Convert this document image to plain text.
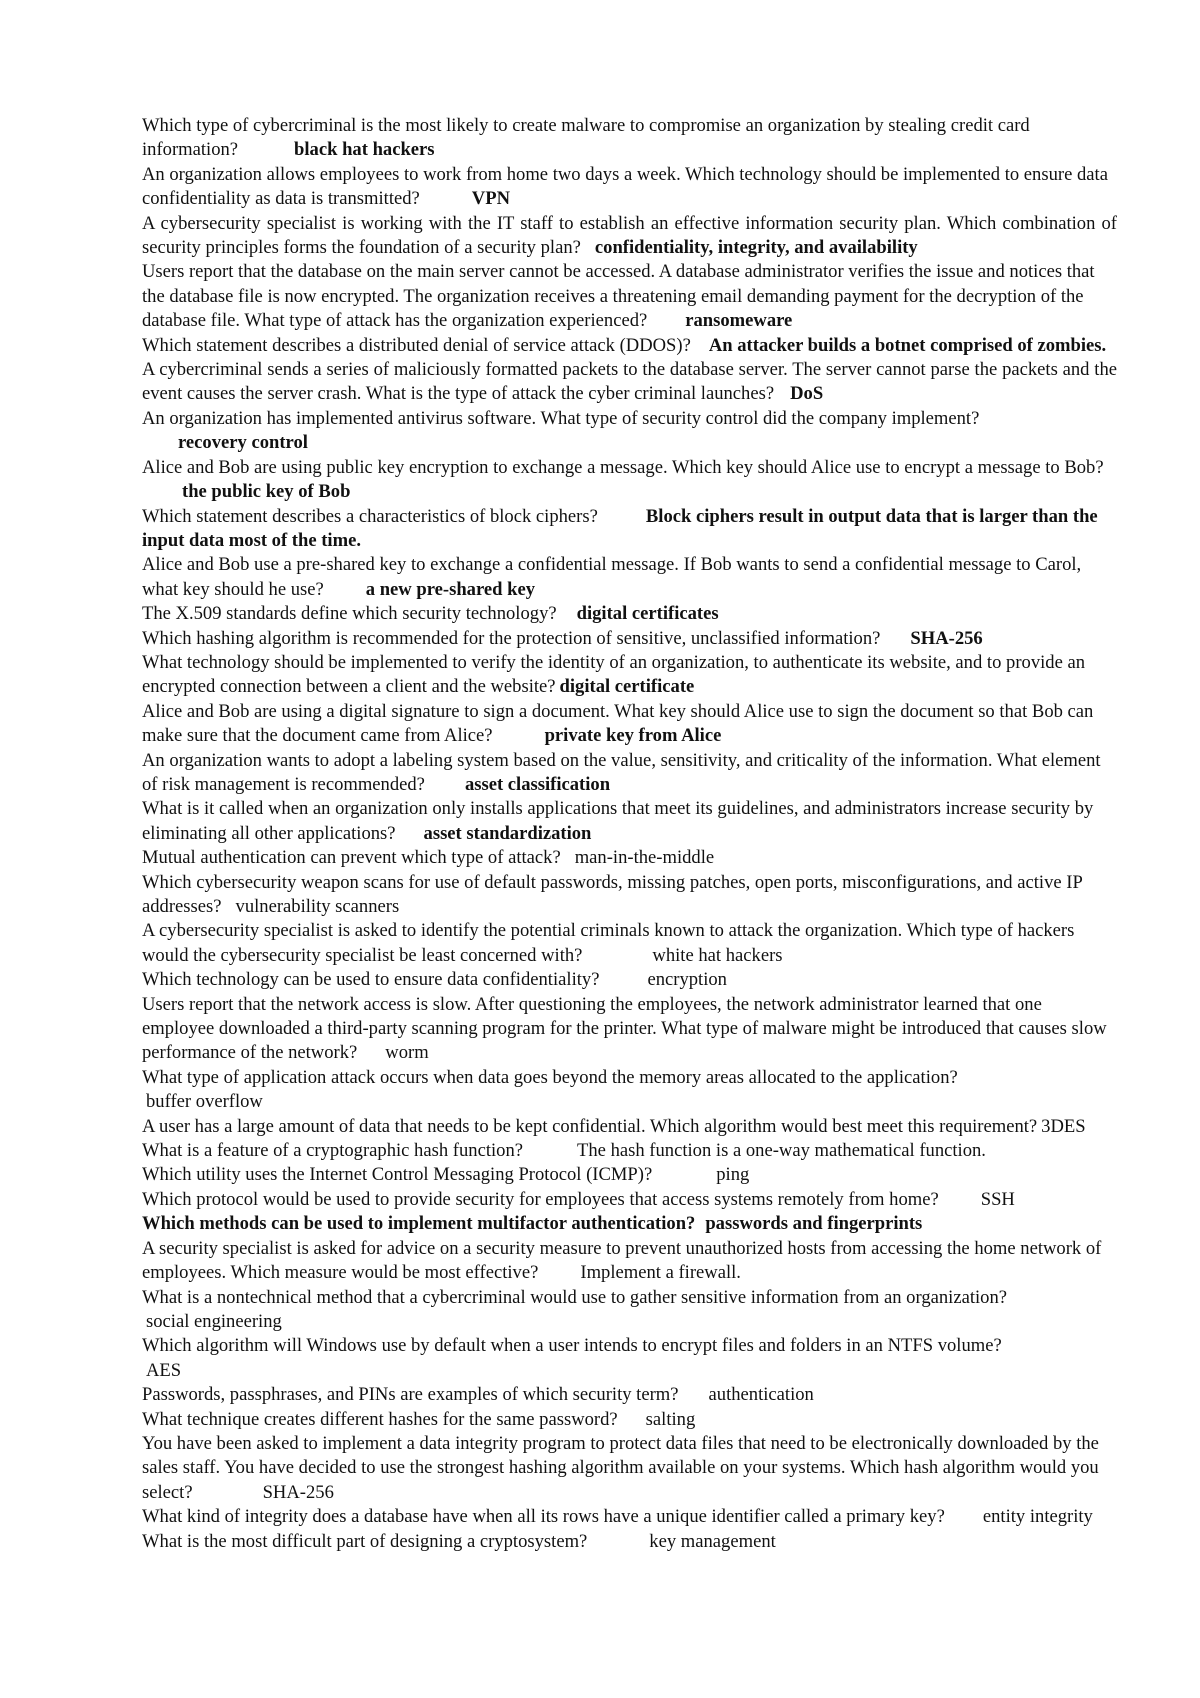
Which type of cybercriminal is the most likely to create malware to compromise an organization by stealing credit card information?	black hat hackers

An organization allows employees to work from home two days a week. Which technology should be implemented to ensure data confidentiality as data is transmitted?	VPN

A cybersecurity specialist is working with the IT staff to establish an effective information security plan. Which combination of security principles forms the foundation of a security plan? confidentiality, integrity, and availability

Users report that the database on the main server cannot be accessed. A database administrator verifies the issue and notices that the database file is now encrypted. The organization receives a threatening email demanding payment for the decryption of the database file. What type of attack has the organization experienced? ransomeware

Which statement describes a distributed denial of service attack (DDOS)? An attacker builds a botnet comprised of zombies.

A cybercriminal sends a series of maliciously formatted packets to the database server. The server cannot parse the packets and the event causes the server crash. What is the type of attack the cyber criminal launches? DoS

An organization has implemented antivirus software. What type of security control did the company implement?
recovery control

Alice and Bob are using public key encryption to exchange a message. Which key should Alice use to encrypt a message to Bob?the public key of Bob

Which statement describes a characteristics of block ciphers?	Block ciphers result in output data that is larger than the input data most of the time.

Alice and Bob use a pre-shared key to exchange a confidential message. If Bob wants to send a confidential message to Carol, what key should he use? a new pre-shared key

The X.509 standards define which security technology? digital certificates

Which hashing algorithm is recommended for the protection of sensitive, unclassified information? SHA-256

What technology should be implemented to verify the identity of an organization, to authenticate its website, and to provide an encrypted connection between a client and the website? digital certificate

Alice and Bob are using a digital signature to sign a document. What key should Alice use to sign the document so that Bob can make sure that the document came from Alice?	private key from Alice

An organization wants to adopt a labeling system based on the value, sensitivity, and criticality of the information. What element of risk management is recommended? asset classification

What is it called when an organization only installs applications that meet its guidelines, and administrators increase security by eliminating all other applications? asset standardization

Mutual authentication can prevent which type of attack? man-in-the-middle

Which cybersecurity weapon scans for use of default passwords, missing patches, open ports, misconfigurations, and active IP addresses? vulnerability scanners

A cybersecurity specialist is asked to identify the potential criminals known to attack the organization. Which type of hackers would the cybersecurity specialist be least concerned with?	white hat hackers

Which technology can be used to ensure data confidentiality?	encryption

Users report that the network access is slow. After questioning the employees, the network administrator learned that one employee downloaded a third-party scanning program for the printer. What type of malware might be introduced that causes slow performance of the network? worm

What type of application attack occurs when data goes beyond the memory areas allocated to the application?
buffer overflow

A user has a large amount of data that needs to be kept confidential. Which algorithm would best meet this requirement? 3DES

What is a feature of a cryptographic hash function?	The hash function is a one-way mathematical function.

Which utility uses the Internet Control Messaging Protocol (ICMP)?	ping

Which protocol would be used to provide security for employees that access systems remotely from home? SSH

Which methods can be used to implement multifactor authentication? passwords and fingerprints

A security specialist is asked for advice on a security measure to prevent unauthorized hosts from accessing the home network of employees. Which measure would be most effective? Implement a firewall.

What is a nontechnical method that a cybercriminal would use to gather sensitive information from an organization?
social engineering

Which algorithm will Windows use by default when a user intends to encrypt files and folders in an NTFS volume?
AES

Passwords, passphrases, and PINs are examples of which security term? authentication

What technique creates different hashes for the same password? salting

You have been asked to implement a data integrity program to protect data files that need to be electronically downloaded by the sales staff. You have decided to use the strongest hashing algorithm available on your systems. Which hash algorithm would you select?	SHA-256

What kind of integrity does a database have when all its rows have a unique identifier called a primary key? entity integrity

What is the most difficult part of designing a cryptosystem?	key management
